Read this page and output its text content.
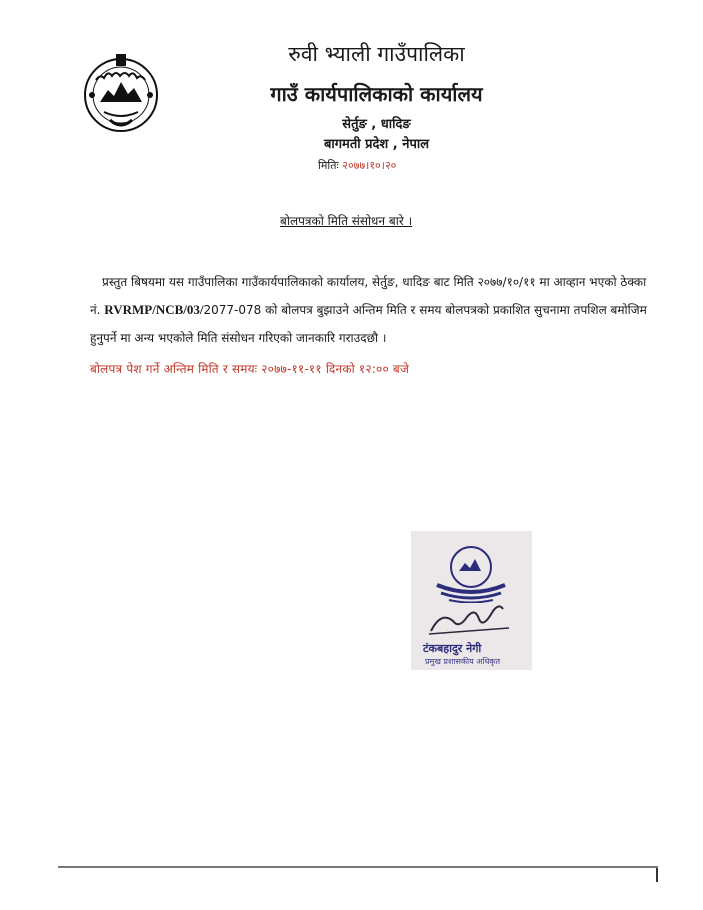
रुवी भ्याली गाउँपालिका
गाउँ कार्यपालिकाको कार्यालय
सेर्तुङ , धादिङ
बागमती प्रदेश , नेपाल
मितिः २०७७।१०।२०
बोलपत्रको मिति संसोधन बारे ।
प्रस्तुत बिषयमा यस गाउँपालिका गाउँकार्यपालिकाको कार्यालय, सेर्तुङ, धादिङ बाट मिति २०७७/१०/११ मा आव्हान भएको ठेक्का नं. RVRMP/NCB/03/2077-078 को बोलपत्र बुझाउने अन्तिम मिति र समय बोलपत्रको प्रकाशित सुचनामा तपशिल बमोजिम हुनुपर्ने मा अन्य भएकोले मिति संसोधन गरिएको जानकारि गराउदछौ ।
बोलपत्र पेश गर्ने अन्तिम मिति र समयः २०७७-११-११ दिनको १२:०० बजे
टंकबहादुर नेगी
प्रमुख प्रशासकीय अधिकृत
